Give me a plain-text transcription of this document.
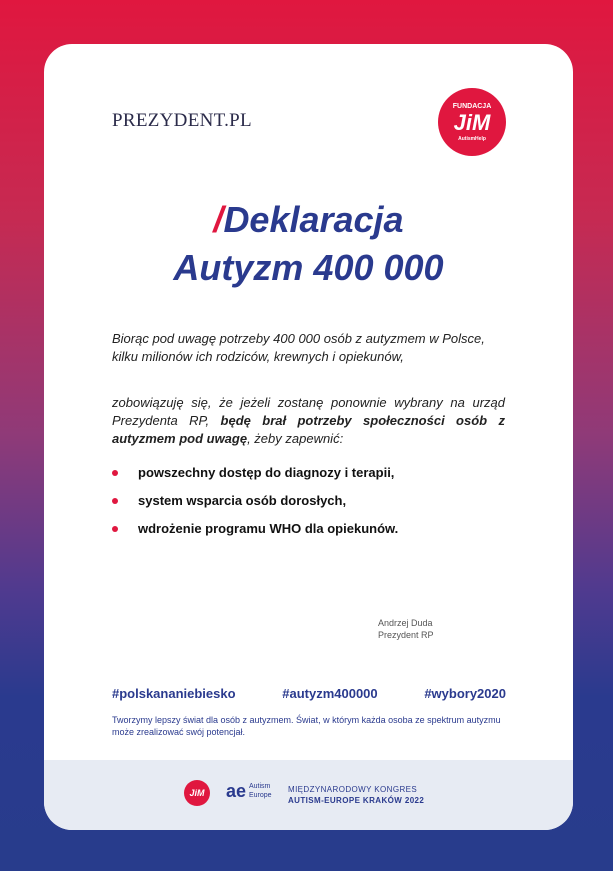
PREZYDENT.PL
FUNDACJA
JiM
AutismHelp
/Deklaracja
Autyzm 400 000
Biorąc pod uwagę potrzeby 400 000 osób z autyzmem w Polsce, kilku milionów ich rodziców, krewnych i opiekunów,
zobowiązuję się, że jeżeli zostanę ponownie wybrany na urząd Prezydenta RP, będę brał potrzeby społeczności osób z autyzmem pod uwagę, żeby zapewnić:
powszechny dostęp do diagnozy i terapii,
system wsparcia osób dorosłych,
wdrożenie programu WHO dla opiekunów.
Andrzej Duda
Prezydent RP
#polskananiebiesko	#autyzm400000	#wybory2020
Tworzymy lepszy świat dla osób z autyzmem. Świat, w którym każda osoba ze spektrum autyzmu może zrealizować swój potencjał.
JiM	ae Autism
Europe
MIĘDZYNARODOWY KONGRES
AUTISM-EUROPE KRAKÓW 2022
